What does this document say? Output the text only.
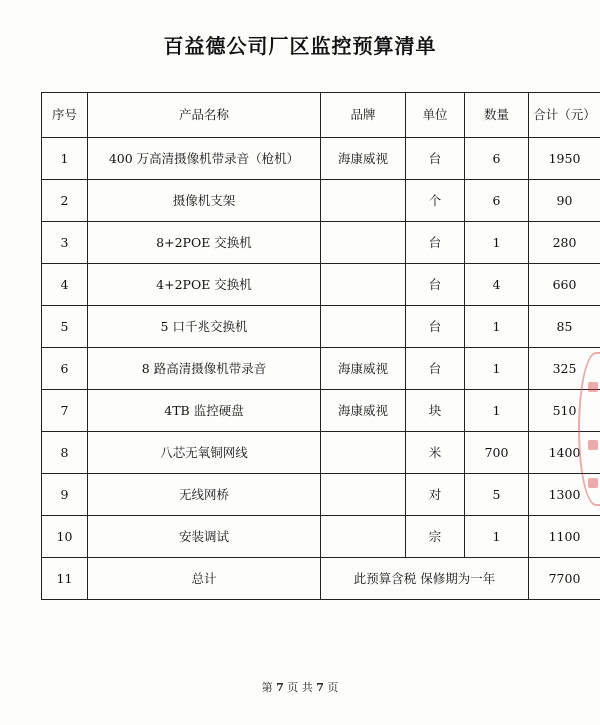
百益德公司厂区监控预算清单
序号	产品名称	品牌	单位	数量	合计（元）
1	400 万高清摄像机带录音（枪机）	海康威视	台	6	1950
2	摄像机支架		个	6	90
3	8+2POE 交换机		台	1	280
4	4+2POE 交换机		台	4	660
5	5 口千兆交换机		台	1	85
6	8 路高清摄像机带录音	海康威视	台	1	325
7	4TB 监控硬盘	海康威视	块	1	510
8	八芯无氧铜网线		米	700	1400
9	无线网桥		对	5	1300
10	安装调试		宗	1	1100
11	总计	此预算含税 保修期为一年			7700
第 7 页 共 7 页
